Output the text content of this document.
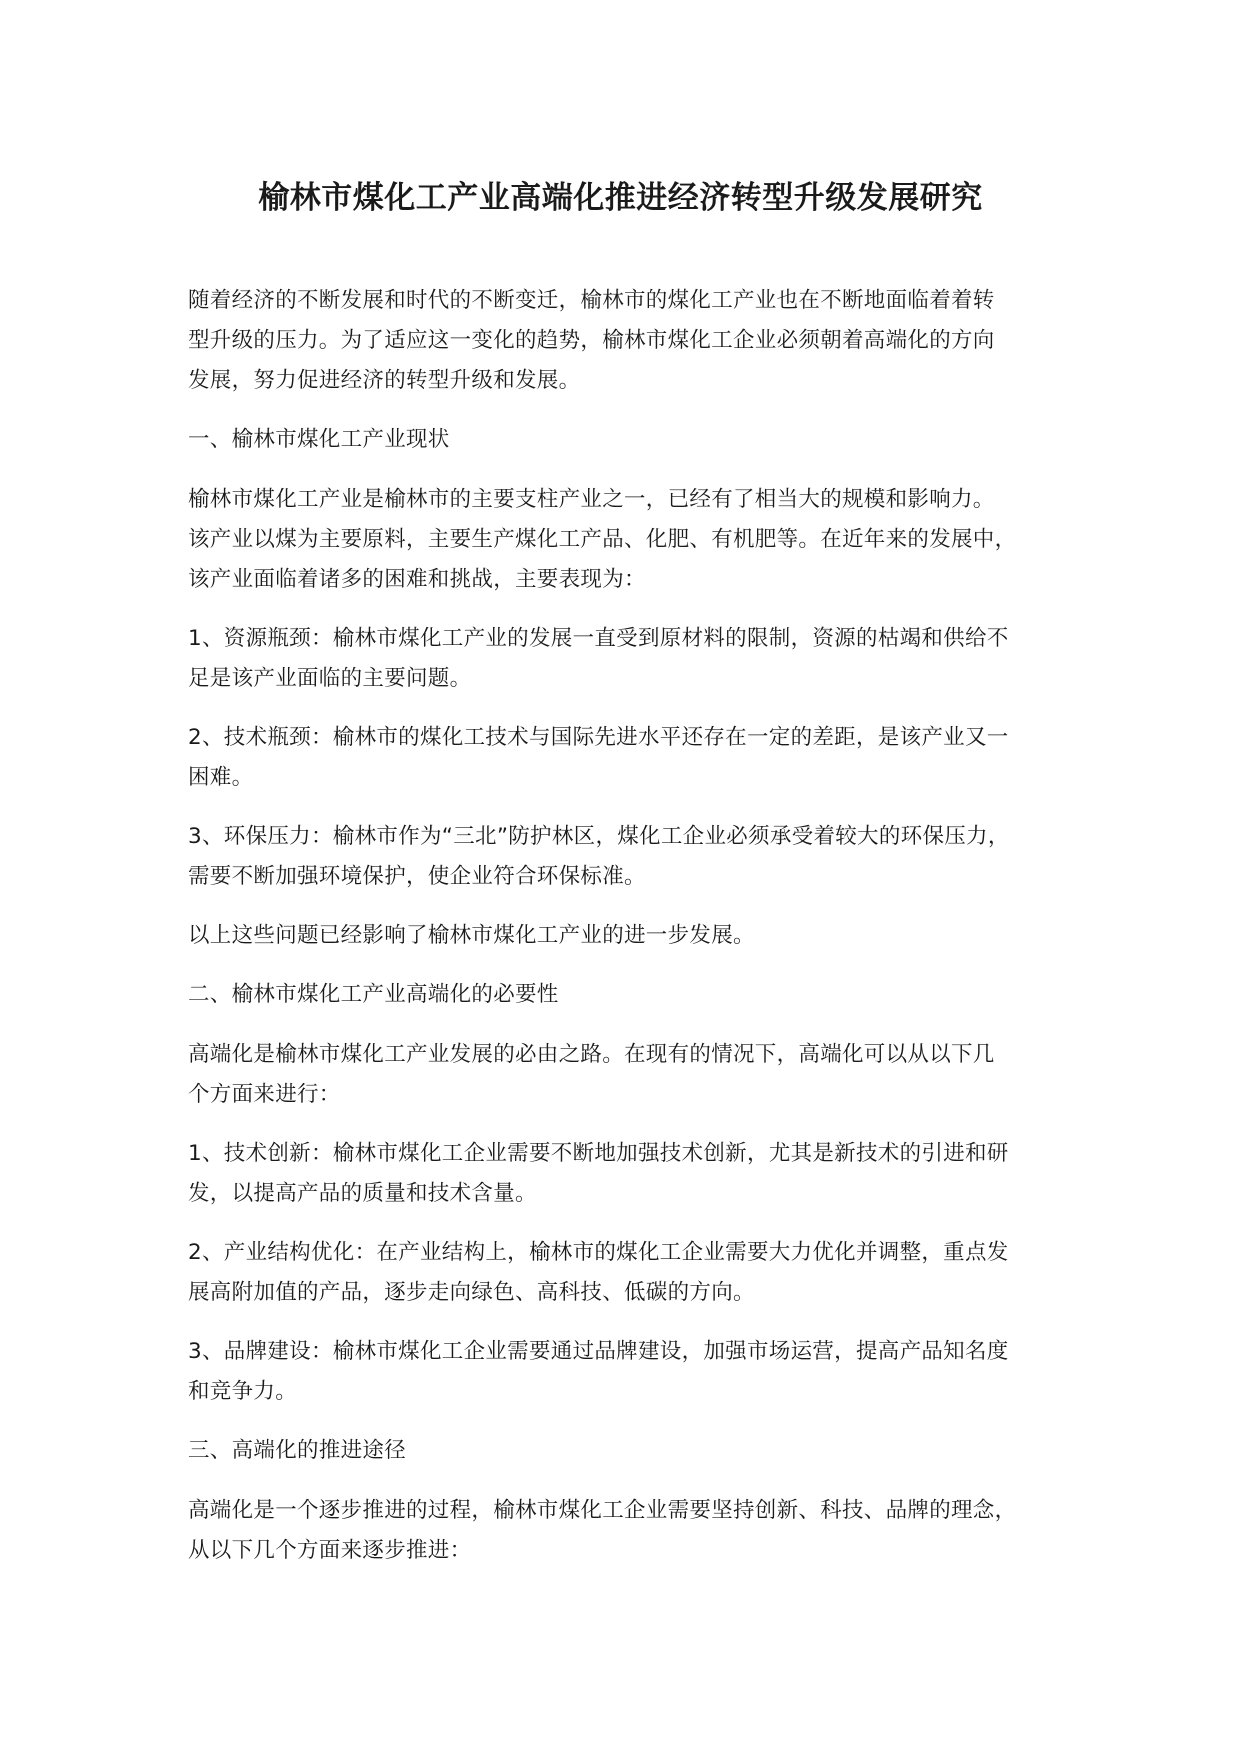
榆林市煤化工产业高端化推进经济转型升级发展研究

随着经济的不断发展和时代的不断变迁，榆林市的煤化工产业也在不断地面临着着转
型升级的压力。为了适应这一变化的趋势，榆林市煤化工企业必须朝着高端化的方向
发展，努力促进经济的转型升级和发展。

一、榆林市煤化工产业现状

榆林市煤化工产业是榆林市的主要支柱产业之一，已经有了相当大的规模和影响力。
该产业以煤为主要原料，主要生产煤化工产品、化肥、有机肥等。在近年来的发展中，
该产业面临着诸多的困难和挑战，主要表现为：

1、资源瓶颈：榆林市煤化工产业的发展一直受到原材料的限制，资源的枯竭和供给不
足是该产业面临的主要问题。

2、技术瓶颈：榆林市的煤化工技术与国际先进水平还存在一定的差距，是该产业又一
困难。

3、环保压力：榆林市作为“三北”防护林区，煤化工企业必须承受着较大的环保压力，
需要不断加强环境保护，使企业符合环保标准。

以上这些问题已经影响了榆林市煤化工产业的进一步发展。

二、榆林市煤化工产业高端化的必要性

高端化是榆林市煤化工产业发展的必由之路。在现有的情况下，高端化可以从以下几
个方面来进行：

1、技术创新：榆林市煤化工企业需要不断地加强技术创新，尤其是新技术的引进和研
发，以提高产品的质量和技术含量。

2、产业结构优化：在产业结构上，榆林市的煤化工企业需要大力优化并调整，重点发
展高附加值的产品，逐步走向绿色、高科技、低碳的方向。

3、品牌建设：榆林市煤化工企业需要通过品牌建设，加强市场运营，提高产品知名度
和竞争力。

三、高端化的推进途径

高端化是一个逐步推进的过程，榆林市煤化工企业需要坚持创新、科技、品牌的理念，
从以下几个方面来逐步推进：
